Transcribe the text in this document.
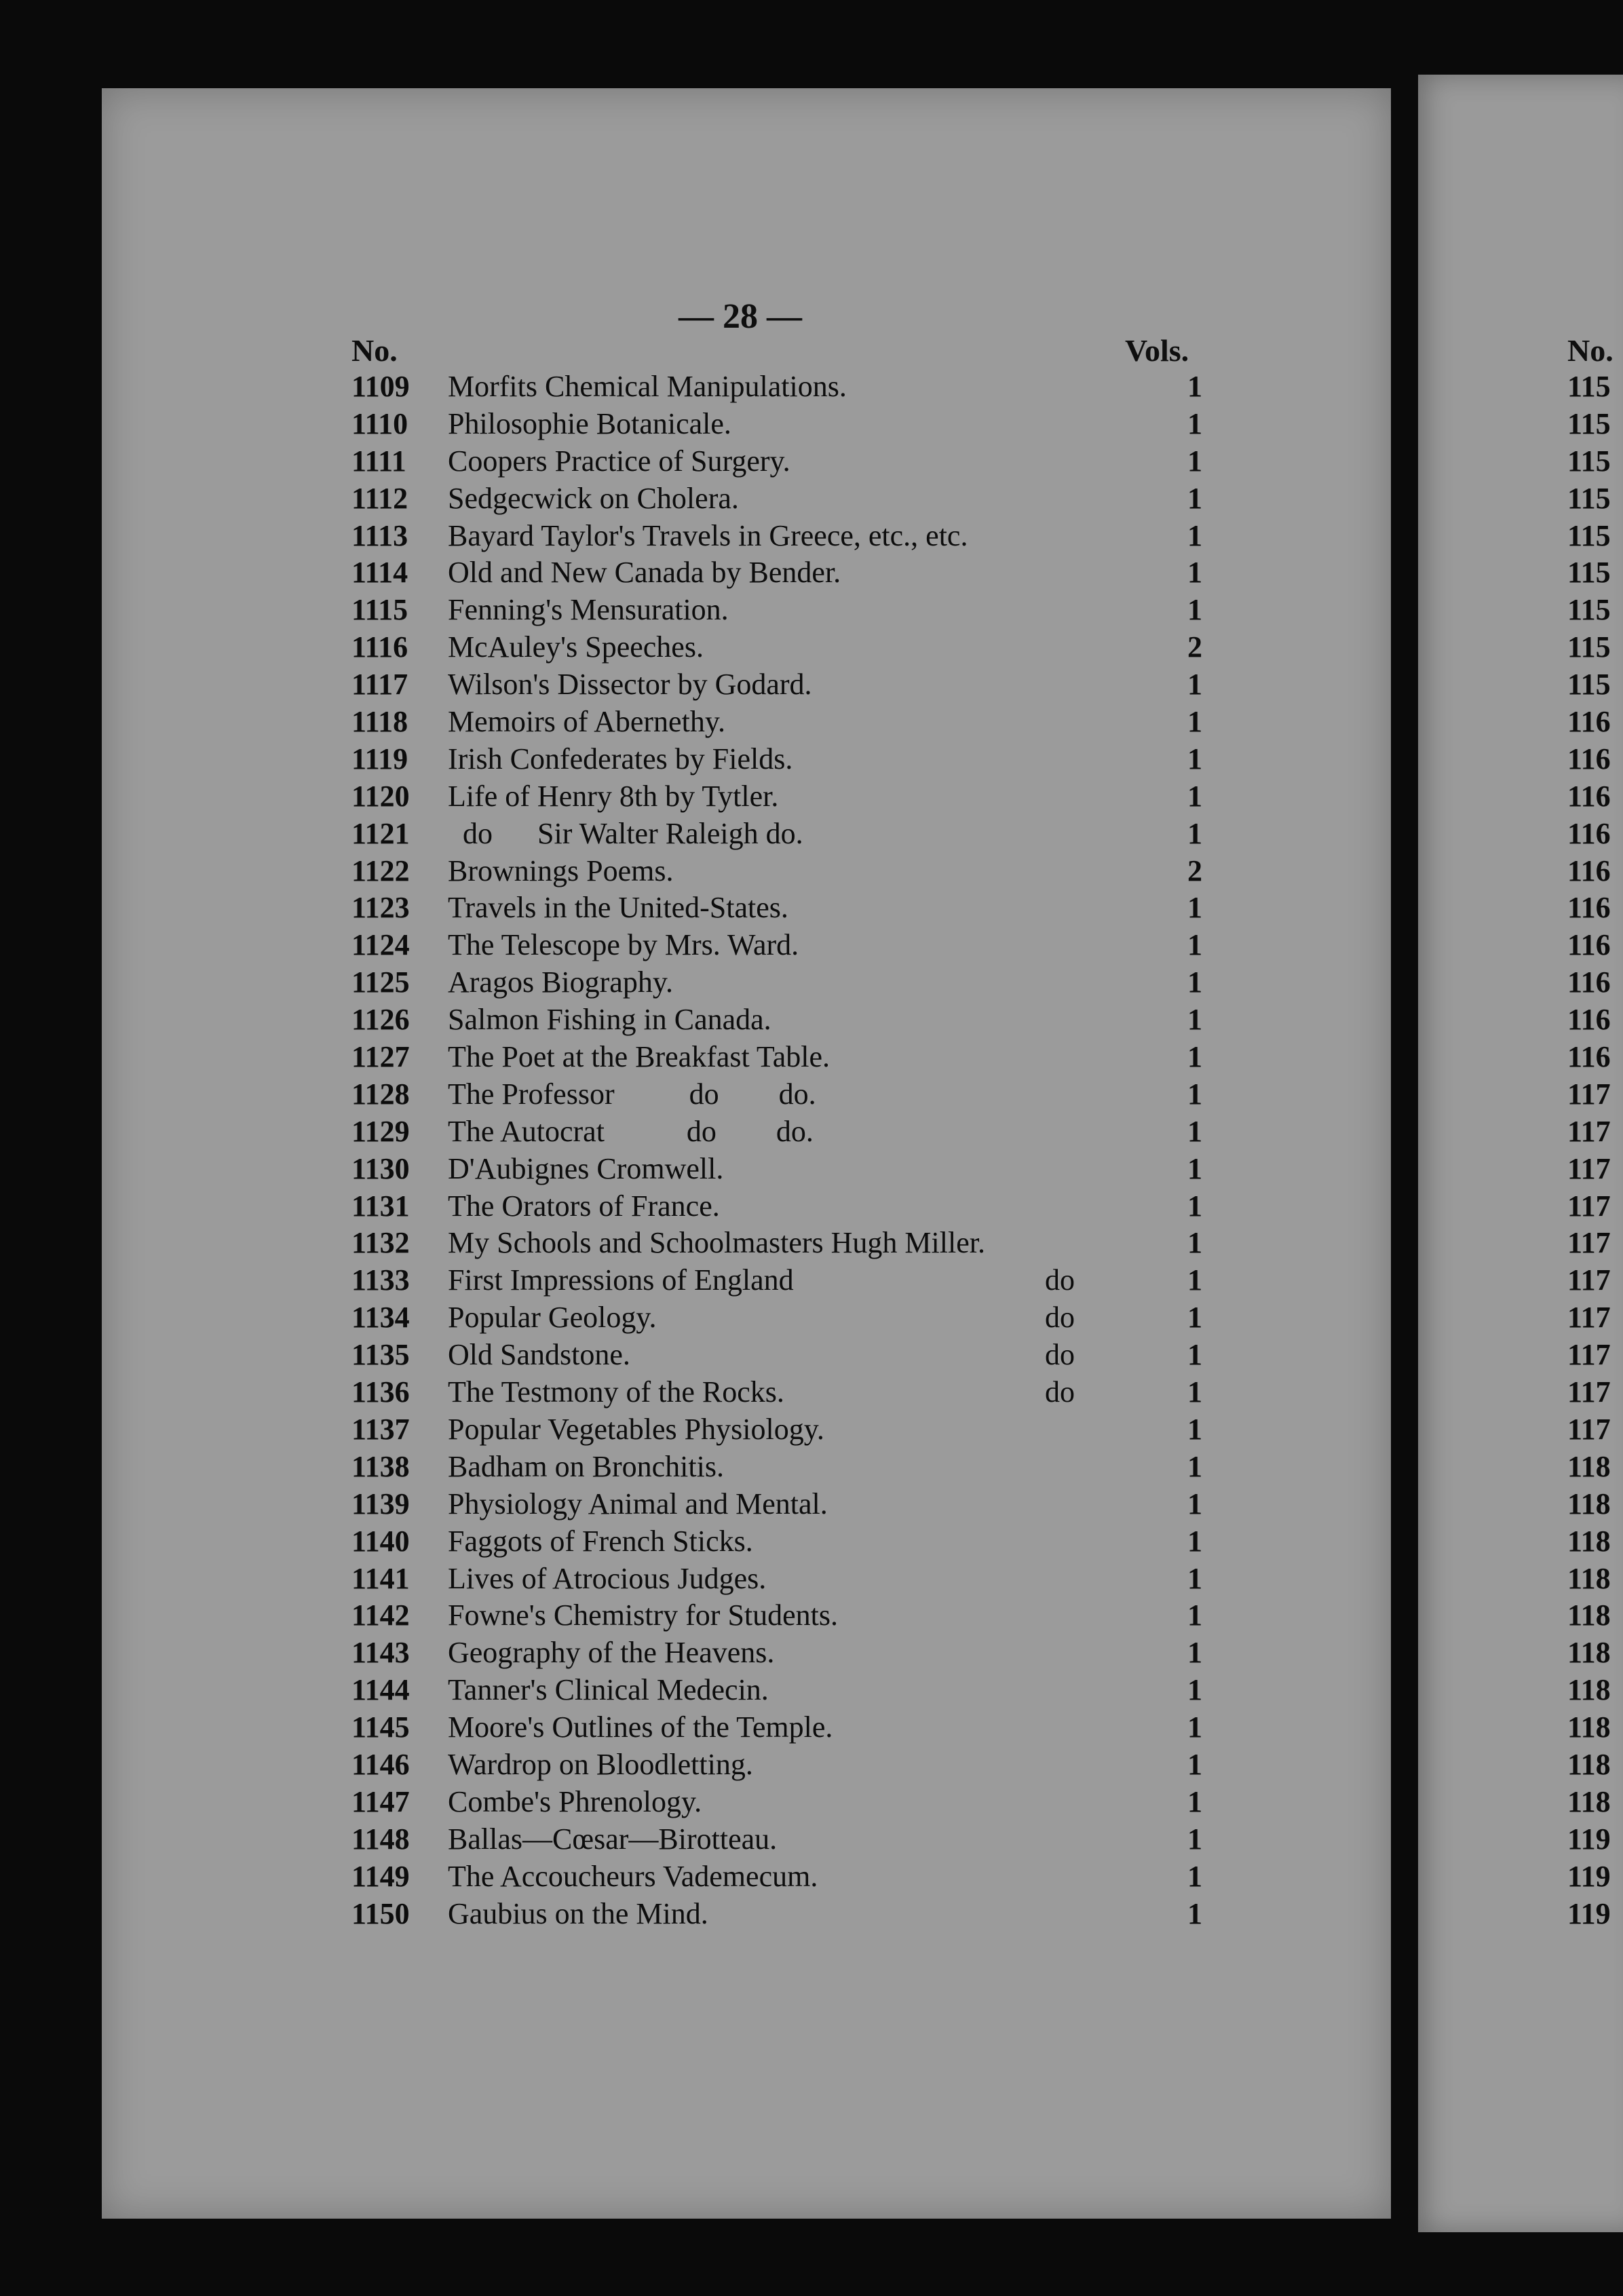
— 28 —
No.	Vols.
1109 Morfits Chemical Manipulations.	1
1110 Philosophie Botanicale.	1
1111 Coopers Practice of Surgery.	1
1112 Sedgecwick on Cholera.	1
1113 Bayard Taylor's Travels in Greece, etc., etc.	1
1114 Old and New Canada by Bender.	1
1115 Fenning's Mensuration.	1
1116 McAuley's Speeches.	2
1117 Wilson's Dissector by Godard.	1
1118 Memoirs of Abernethy.	1
1119 Irish Confederates by Fields.	1
1120 Life of Henry 8th by Tytler.	1
1121 do      Sir Walter Raleigh do.	1
1122 Brownings Poems.	2
1123 Travels in the United-States.	1
1124 The Telescope by Mrs. Ward.	1
1125 Aragos Biography.	1
1126 Salmon Fishing in Canada.	1
1127 The Poet at the Breakfast Table.	1
1128 The Professor          do        do.	1
1129 The Autocrat           do        do.	1
1130 D'Aubignes Cromwell.	1
1131 The Orators of France.	1
1132 My Schools and Schoolmasters Hugh Miller.	1
1133 First Impressions of England	do	1
1134 Popular Geology.	do	1
1135 Old Sandstone.	do	1
1136 The Testmony of the Rocks.	do	1
1137 Popular Vegetables Physiology.	1
1138 Badham on Bronchitis.	1
1139 Physiology Animal and Mental.	1
1140 Faggots of French Sticks.	1
1141 Lives of Atrocious Judges.	1
1142 Fowne's Chemistry for Students.	1
1143 Geography of the Heavens.	1
1144 Tanner's Clinical Medecin.	1
1145 Moore's Outlines of the Temple.	1
1146 Wardrop on Bloodletting.	1
1147 Combe's Phrenology.	1
1148 Ballas—Cœsar—Birotteau.	1
1149 The Accoucheurs Vademecum.	1
1150 Gaubius on the Mind.	1
No.
115
115
115
115
115
115
115
115
115
116
116
116
116
116
116
116
116
116
116
117
117
117
117
117
117
117
117
117
117
118
118
118
118
118
118
118
118
118
118
119
119
119
